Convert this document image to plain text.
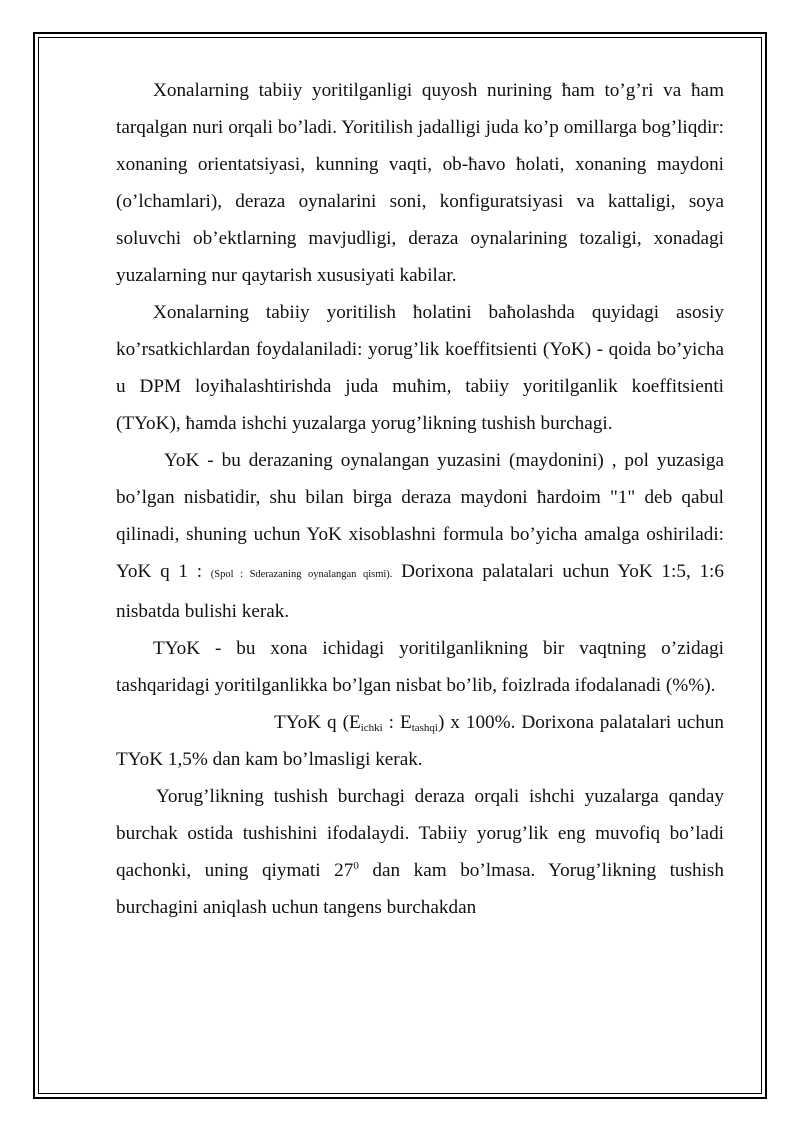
Xonalarning tabiiy yoritilganligi quyosh nurining ħam to’g’ri va ħam tarqalgan nuri orqali bo’ladi. Yoritilish jadalligi juda ko’p omillarga bog’liqdir: xonaning orientatsiyasi, kunning vaqti, ob-ħavo ħolati, xonaning maydoni (o’lchamlari), deraza oynalarini soni, konfiguratsiyasi va kattaligi, soya soluvchi ob’ektlarning mavjudligi, deraza oynalarining tozaligi, xonadagi yuzalarning nur qaytarish xususiyati kabilar.

Xonalarning tabiiy yoritilish ħolatini baħolashda quyidagi asosiy ko’rsatkichlardan foydalaniladi: yorug’lik koeffitsienti (YoK) - qoida bo’yicha u DPM loyiħalashtirishda juda muħim, tabiiy yoritilganlik koeffitsienti (TYoK), ħamda ishchi yuzalarga yorug’likning tushish burchagi.

YoK - bu derazaning oynalangan yuzasini (maydonini) , pol yuzasiga bo’lgan nisbatidir, shu bilan birga deraza maydoni ħardoim "1" deb qabul qilinadi, shuning uchun YoK xisoblashni formula bo’yicha amalga oshiriladi: YoK q 1 : (Spol : Sderazaning oynalangan qismi). Dorixona palatalari uchun YoK 1:5, 1:6 nisbatda bulishi kerak.

TYoK - bu xona ichidagi yoritilganlikning bir vaqtning o’zidagi tashqaridagi yoritilganlikka bo’lgan nisbat bo’lib, foizlrada ifodalanadi (%%).

TYoK q ($E_{ichki}$ : $E_{tashqi}$) x 100%. Dorixona palatalari uchun TYoK 1,5% dan kam bo’lmasligi kerak.

Yorug’likning tushish burchagi deraza orqali ishchi yuzalarga qanday burchak ostida tushishini ifodalaydi. Tabiiy yorug’lik eng muvofiq bo’ladi qachonki, uning qiymati $27^0$ dan kam bo’lmasa. Yorug’likning tushish burchagini aniqlash uchun tangens burchakdan
